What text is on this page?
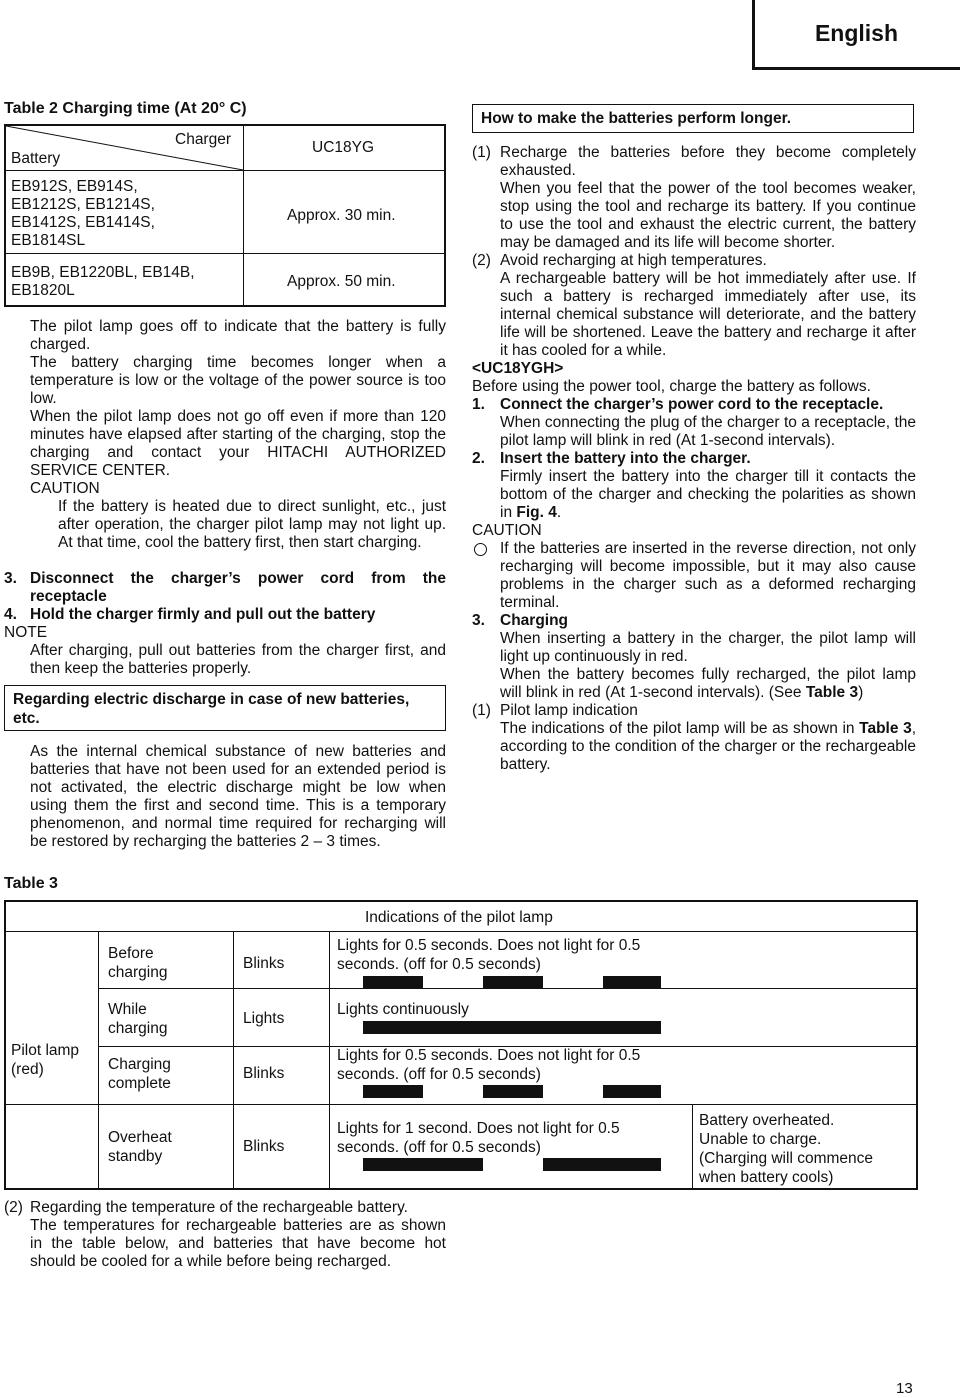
English
Table 2 Charging time (At 20° C)
Charger
Battery
UC18YG
EB912S, EB914S,
EB1212S, EB1214S,
EB1412S, EB1414S,
EB1814SL
Approx. 30 min.
EB9B, EB1220BL, EB14B,
EB1820L
Approx. 50 min.

The pilot lamp goes off to indicate that the battery is fully charged.

The battery charging time becomes longer when a temperature is low or the voltage of the power source is too low.

When the pilot lamp does not go off even if more than 120 minutes have elapsed after starting of the charging, stop the charging and contact your HITACHI AUTHORIZED SERVICE CENTER.

CAUTION

If the battery is heated due to direct sunlight, etc., just after operation, the charger pilot lamp may not light up. At that time, cool the battery first, then start charging.

3. Disconnect the charger’s power cord from the receptacle

4. Hold the charger firmly and pull out the battery

NOTE

After charging, pull out batteries from the charger first, and then keep the batteries properly.

Regarding electric discharge in case of new batteries, etc.
As the internal chemical substance of new batteries and batteries that have not been used for an extended period is not activated, the electric discharge might be low when using them the first and second time. This is a temporary phenomenon, and normal time required for recharging will be restored by recharging the batteries 2 – 3 times.
How to make the batteries perform longer.
(1) Recharge the batteries before they become completely exhausted.

When you feel that the power of the tool becomes weaker, stop using the tool and recharge its battery. If you continue to use the tool and exhaust the electric current, the battery may be damaged and its life will become shorter.

(2) Avoid recharging at high temperatures.

A rechargeable battery will be hot immediately after use. If such a battery is recharged immediately after use, its internal chemical substance will deteriorate, and the battery life will be shortened. Leave the battery and recharge it after it has cooled for a while.

<UC18YGH>

Before using the power tool, charge the battery as follows.

1. Connect the charger’s power cord to the receptacle.

When connecting the plug of the charger to a receptacle, the pilot lamp will blink in red (At 1-second intervals).

2. Insert the battery into the charger.

Firmly insert the battery into the charger till it contacts the bottom of the charger and checking the polarities as shown in Fig. 4.

CAUTION

If the batteries are inserted in the reverse direction, not only recharging will become impossible, but it may also cause problems in the charger such as a deformed recharging terminal.

3. Charging

When inserting a battery in the charger, the pilot lamp will light up continuously in red.

When the battery becomes fully recharged, the pilot lamp will blink in red (At 1-second intervals). (See Table 3)

(1) Pilot lamp indication

The indications of the pilot lamp will be as shown in Table 3, according to the condition of the charger or the rechargeable battery.

Table 3
Indications of the pilot lamp
Pilot lamp
(red)
Before
charging
Blinks
Lights for 0.5 seconds. Does not light for 0.5
seconds. (off for 0.5 seconds)
While
charging
Lights
Lights continuously
Charging
complete
Blinks
Lights for 0.5 seconds. Does not light for 0.5
seconds. (off for 0.5 seconds)
Overheat
standby
Blinks
Lights for 1 second. Does not light for 0.5
seconds. (off for 0.5 seconds)
Battery overheated.
Unable to charge.
(Charging will commence
when battery cools)
(2) Regarding the temperature of the rechargeable battery.

The temperatures for rechargeable batteries are as shown in the table below, and batteries that have become hot should be cooled for a while before being recharged.

13
